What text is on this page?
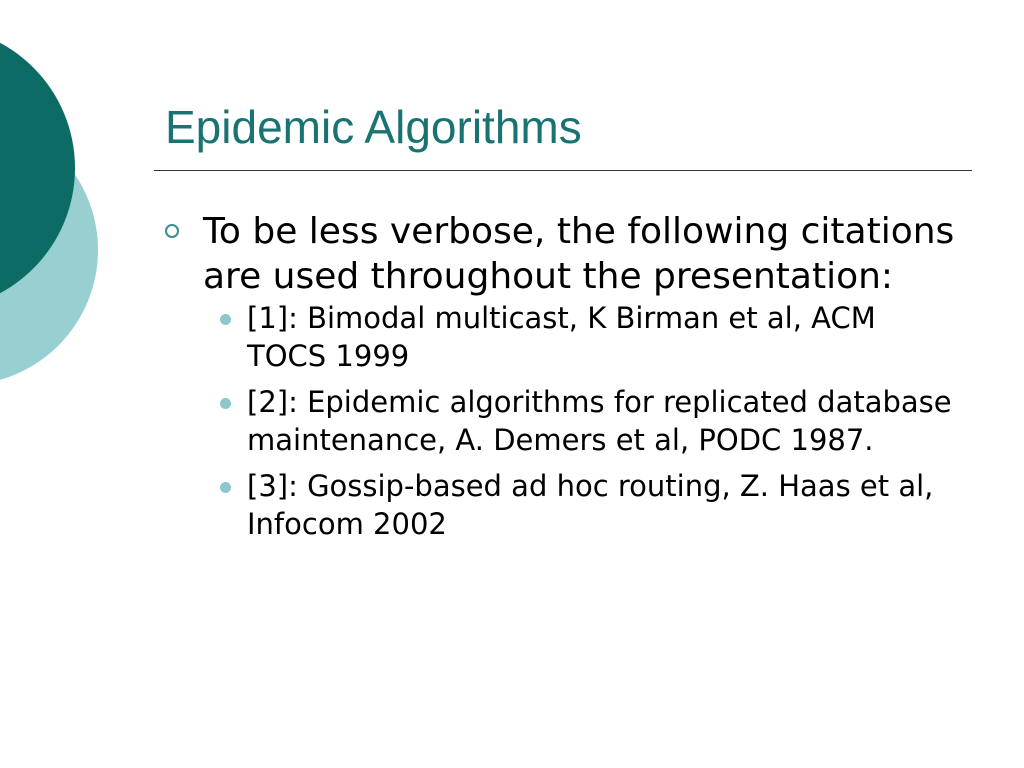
Epidemic Algorithms

To be less verbose, the following citations are used throughout the presentation:

[1]: Bimodal multicast, K Birman et al, ACM TOCS 1999
[2]: Epidemic algorithms for replicated database maintenance, A. Demers et al, PODC 1987.
[3]: Gossip-based ad hoc routing, Z. Haas et al, Infocom 2002
